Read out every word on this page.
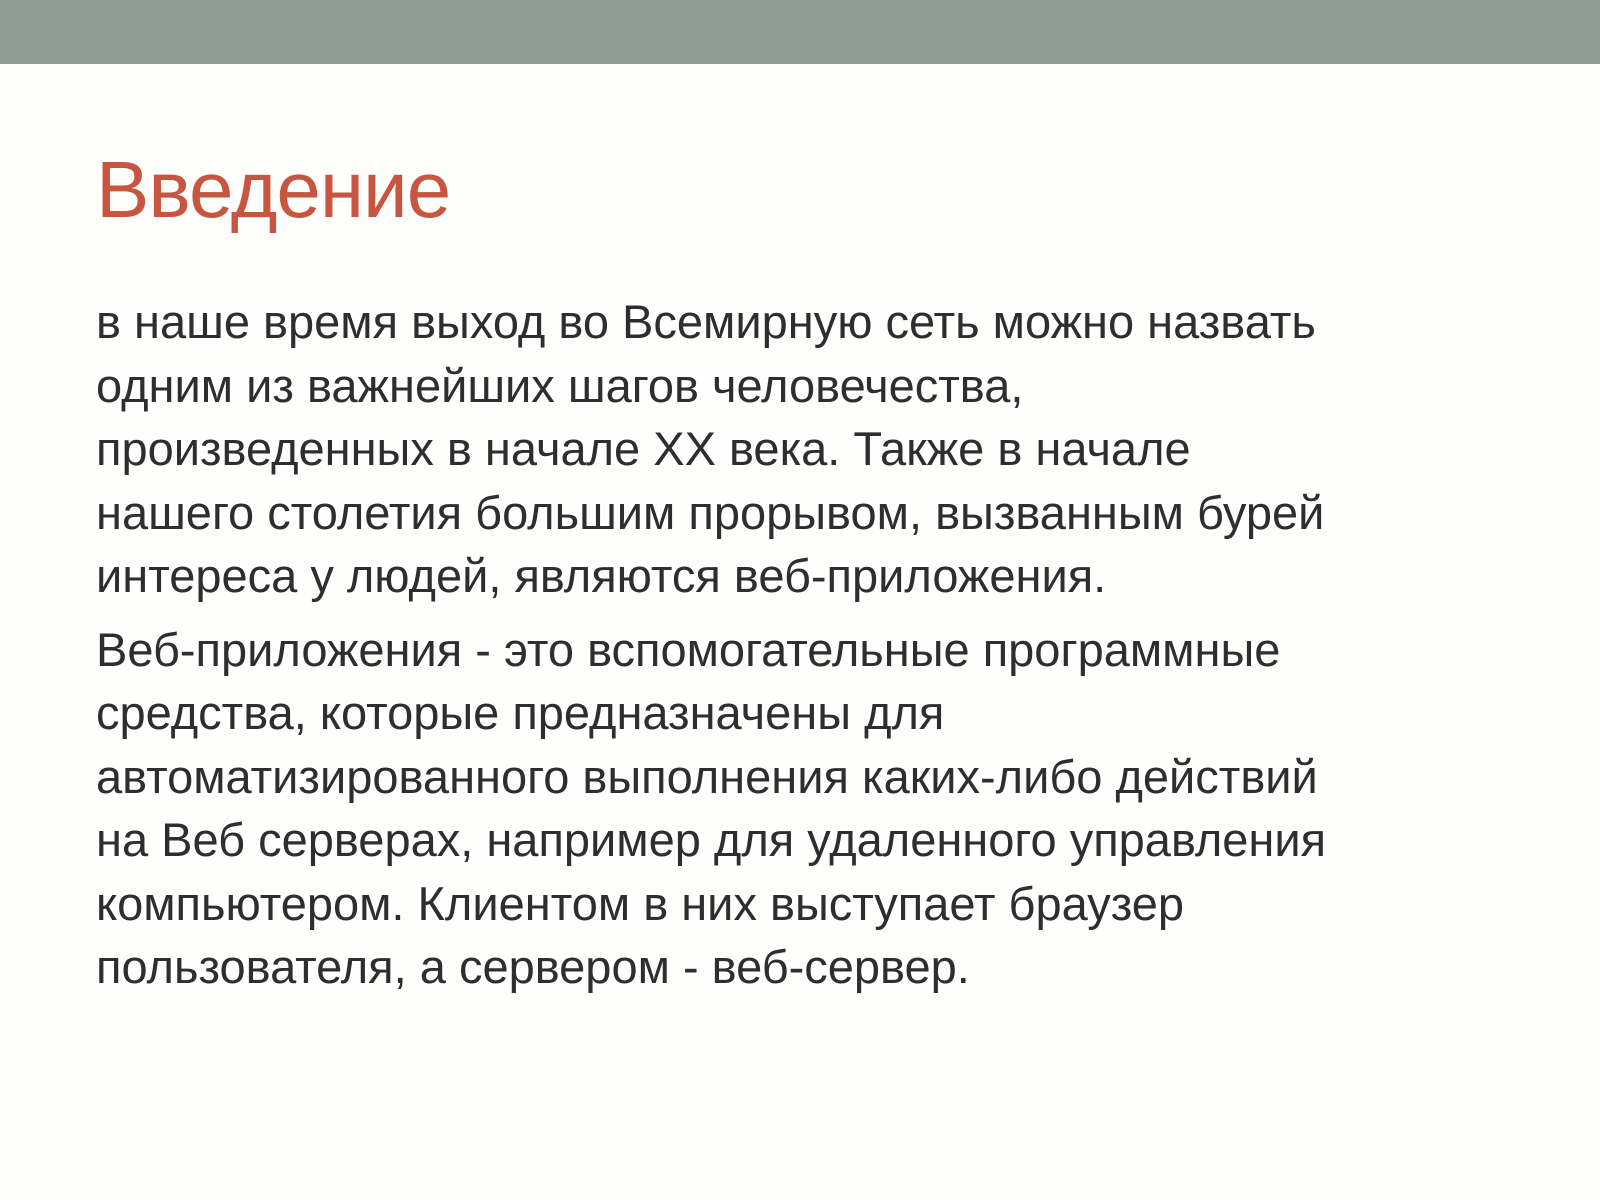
Введение

в наше время выход во Всемирную сеть можно назвать
одним из важнейших шагов человечества,
произведенных в начале XX века. Также в начале
нашего столетия большим прорывом, вызванным бурей
интереса у людей, являются веб-приложения.

Веб-приложения - это вспомогательные программные
средства, которые предназначены для
автоматизированного выполнения каких-либо действий
на Веб серверах, например для удаленного управления
компьютером. Клиентом в них выступает браузер
пользователя, а сервером - веб-сервер.
